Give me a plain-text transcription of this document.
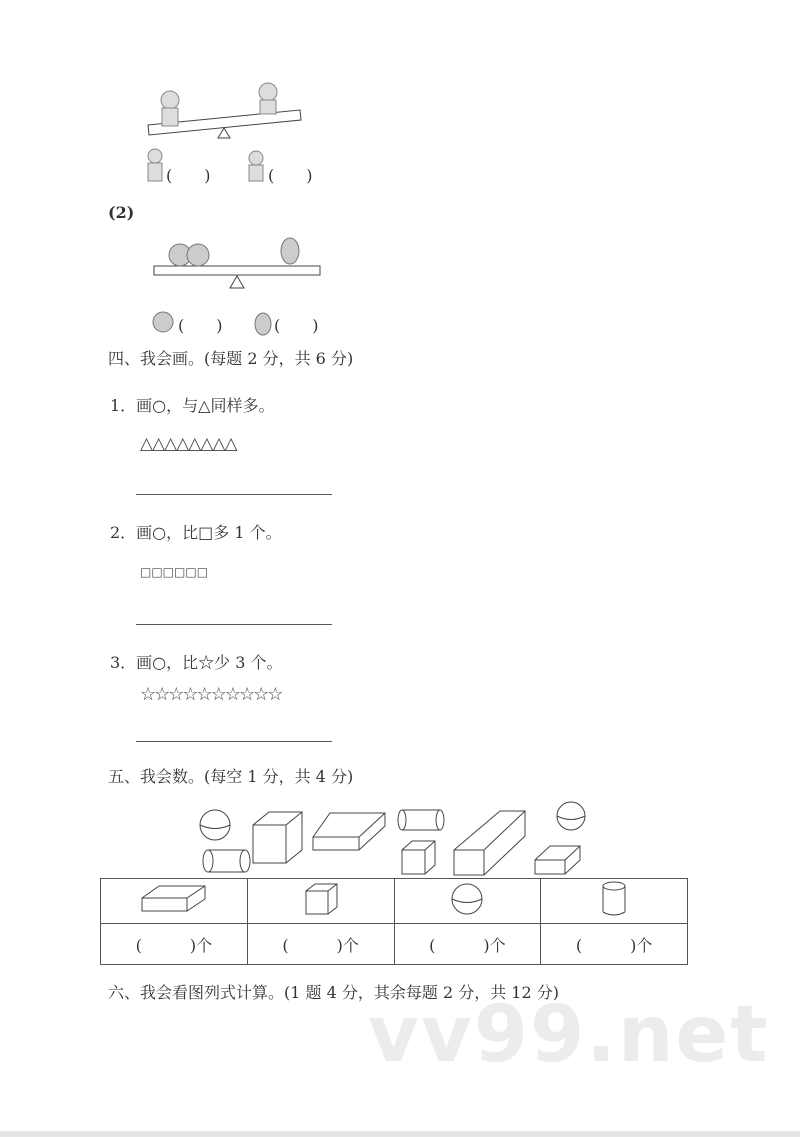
(　　)	(　　)
(2)
(　　)	(　　)
四、我会画。(每题 2 分，共 6 分)
1．画○，与△同样多。
△△△△△△△△
2．画○，比□多 1 个。
□□□□□□
3．画○，比☆少 3 个。
☆☆☆☆☆☆☆☆☆☆
五、我会数。(每空 1 分，共 4 分)

(　　　)个	(　　　)个	(　　　)个	(　　　)个
六、我会看图列式计算。(1 题 4 分，其余每题 2 分，共 12 分)
vv99.net
